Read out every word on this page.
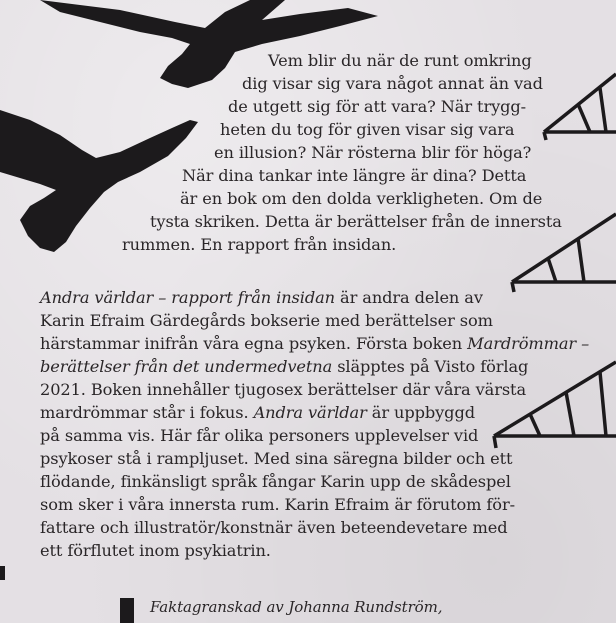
Vem blir du när de runt omkring
dig visar sig vara något annat än vad
de utgett sig för att vara? När trygg-
heten du tog för given visar sig vara
en illusion? När rösterna blir för höga?
När dina tankar inte längre är dina? Detta
är en bok om den dolda verkligheten. Om de
tysta skriken. Detta är berättelser från de innersta
rummen. En rapport från insidan.
Andra världar – rapport från insidan är andra delen av
Karin Efraim Gärdegårds bokserie med berättelser som
härstammar inifrån våra egna psyken. Första boken Mardrömmar –
berättelser från det undermedvetna släpptes på Visto förlag
2021. Boken innehåller tjugosex berättelser där våra värsta
mardrömmar står i fokus. Andra världar är uppbyggd
på samma vis. Här får olika personers upplevelser vid
psykoser stå i rampljuset. Med sina säregna bilder och ett
flödande, finkänsligt språk fångar Karin upp de skådespel
som sker i våra innersta rum. Karin Efraim är förutom för-
fattare och illustratör/konstnär även beteendevetare med
ett förflutet inom psykiatrin.
Faktagranskad av Johanna Rundström,
